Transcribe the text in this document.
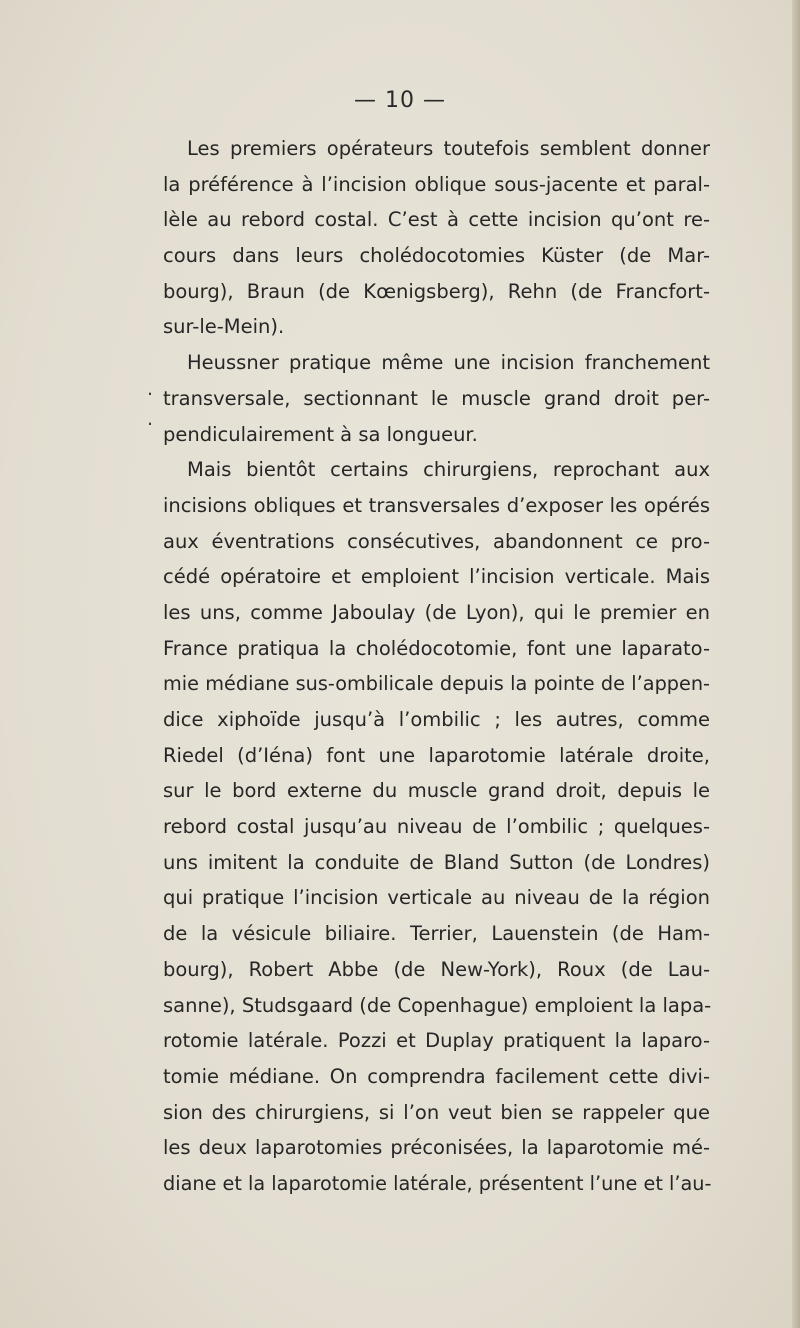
— 10 —
.
.
Les premiers opérateurs toutefois semblent donner
la préférence à l’incision oblique sous-jacente et paral-
lèle au rebord costal. C’est à cette incision qu’ont re-
cours dans leurs cholédocotomies Küster (de Mar-
bourg), Braun (de Kœnigsberg), Rehn (de Francfort-
sur-le-Mein).
Heussner pratique même une incision franchement
transversale, sectionnant le muscle grand droit per-
pendiculairement à sa longueur.
Mais bientôt certains chirurgiens, reprochant aux
incisions obliques et transversales d’exposer les opérés
aux éventrations consécutives, abandonnent ce pro-
cédé opératoire et emploient l’incision verticale. Mais
les uns, comme Jaboulay (de Lyon), qui le premier en
France pratiqua la cholédocotomie, font une laparato-
mie médiane sus-ombilicale depuis la pointe de l’appen-
dice xiphoïde jusqu’à l’ombilic ; les autres, comme
Riedel (d’Iéna) font une laparotomie latérale droite,
sur le bord externe du muscle grand droit, depuis le
rebord costal jusqu’au niveau de l’ombilic ; quelques-
uns imitent la conduite de Bland Sutton (de Londres)
qui pratique l’incision verticale au niveau de la région
de la vésicule biliaire. Terrier, Lauenstein (de Ham-
bourg), Robert Abbe (de New-York), Roux (de Lau-
sanne), Studsgaard (de Copenhague) emploient la lapa-
rotomie latérale. Pozzi et Duplay pratiquent la laparo-
tomie médiane. On comprendra facilement cette divi-
sion des chirurgiens, si l’on veut bien se rappeler que
les deux laparotomies préconisées, la laparotomie mé-
diane et la laparotomie latérale, présentent l’une et l’au-
